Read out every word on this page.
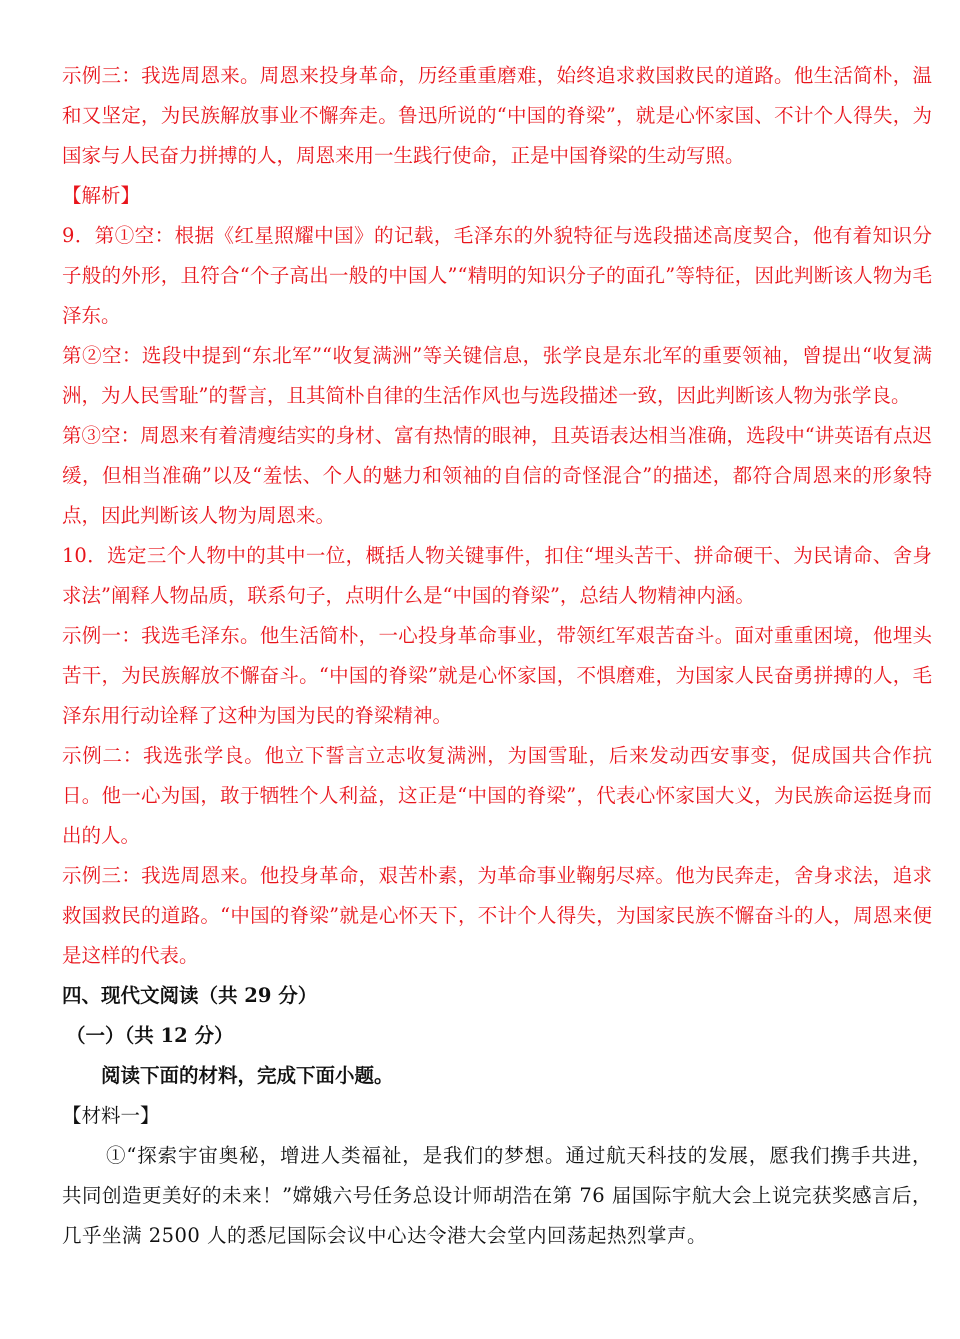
示例三：我选周恩来。周恩来投身革命，历经重重磨难，始终追求救国救民的道路。他生活简朴，温和又坚定，为民族解放事业不懈奔走。鲁迅所说的“中国的脊梁”，就是心怀家国、不计个人得失，为国家与人民奋力拼搏的人，周恩来用一生践行使命，正是中国脊梁的生动写照。

【解析】

9．第①空：根据《红星照耀中国》的记载，毛泽东的外貌特征与选段描述高度契合，他有着知识分子般的外形，且符合“个子高出一般的中国人”“精明的知识分子的面孔”等特征，因此判断该人物为毛泽东。

第②空：选段中提到“东北军”“收复满洲”等关键信息，张学良是东北军的重要领袖，曾提出“收复满洲，为人民雪耻”的誓言，且其简朴自律的生活作风也与选段描述一致，因此判断该人物为张学良。

第③空：周恩来有着清瘦结实的身材、富有热情的眼神，且英语表达相当准确，选段中“讲英语有点迟缓，但相当准确”以及“羞怯、个人的魅力和领袖的自信的奇怪混合”的描述，都符合周恩来的形象特点，因此判断该人物为周恩来。

10．选定三个人物中的其中一位，概括人物关键事件，扣住“埋头苦干、拼命硬干、为民请命、舍身求法”阐释人物品质，联系句子，点明什么是“中国的脊梁”，总结人物精神内涵。

示例一：我选毛泽东。他生活简朴，一心投身革命事业，带领红军艰苦奋斗。面对重重困境，他埋头苦干，为民族解放不懈奋斗。“中国的脊梁”就是心怀家国，不惧磨难，为国家人民奋勇拼搏的人，毛泽东用行动诠释了这种为国为民的脊梁精神。

示例二：我选张学良。他立下誓言立志收复满洲，为国雪耻，后来发动西安事变，促成国共合作抗日。他一心为国，敢于牺牲个人利益，这正是“中国的脊梁”，代表心怀家国大义，为民族命运挺身而出的人。

示例三：我选周恩来。他投身革命，艰苦朴素，为革命事业鞠躬尽瘁。他为民奔走，舍身求法，追求救国救民的道路。“中国的脊梁”就是心怀天下，不计个人得失，为国家民族不懈奋斗的人，周恩来便是这样的代表。

四、现代文阅读（共 29 分）

（一）（共 12 分）

阅读下面的材料，完成下面小题。

【材料一】

①“探索宇宙奥秘，增进人类福祉，是我们的梦想。通过航天科技的发展，愿我们携手共进，共同创造更美好的未来！”嫦娥六号任务总设计师胡浩在第 76 届国际宇航大会上说完获奖感言后，几乎坐满 2500 人的悉尼国际会议中心达令港大会堂内回荡起热烈掌声。
